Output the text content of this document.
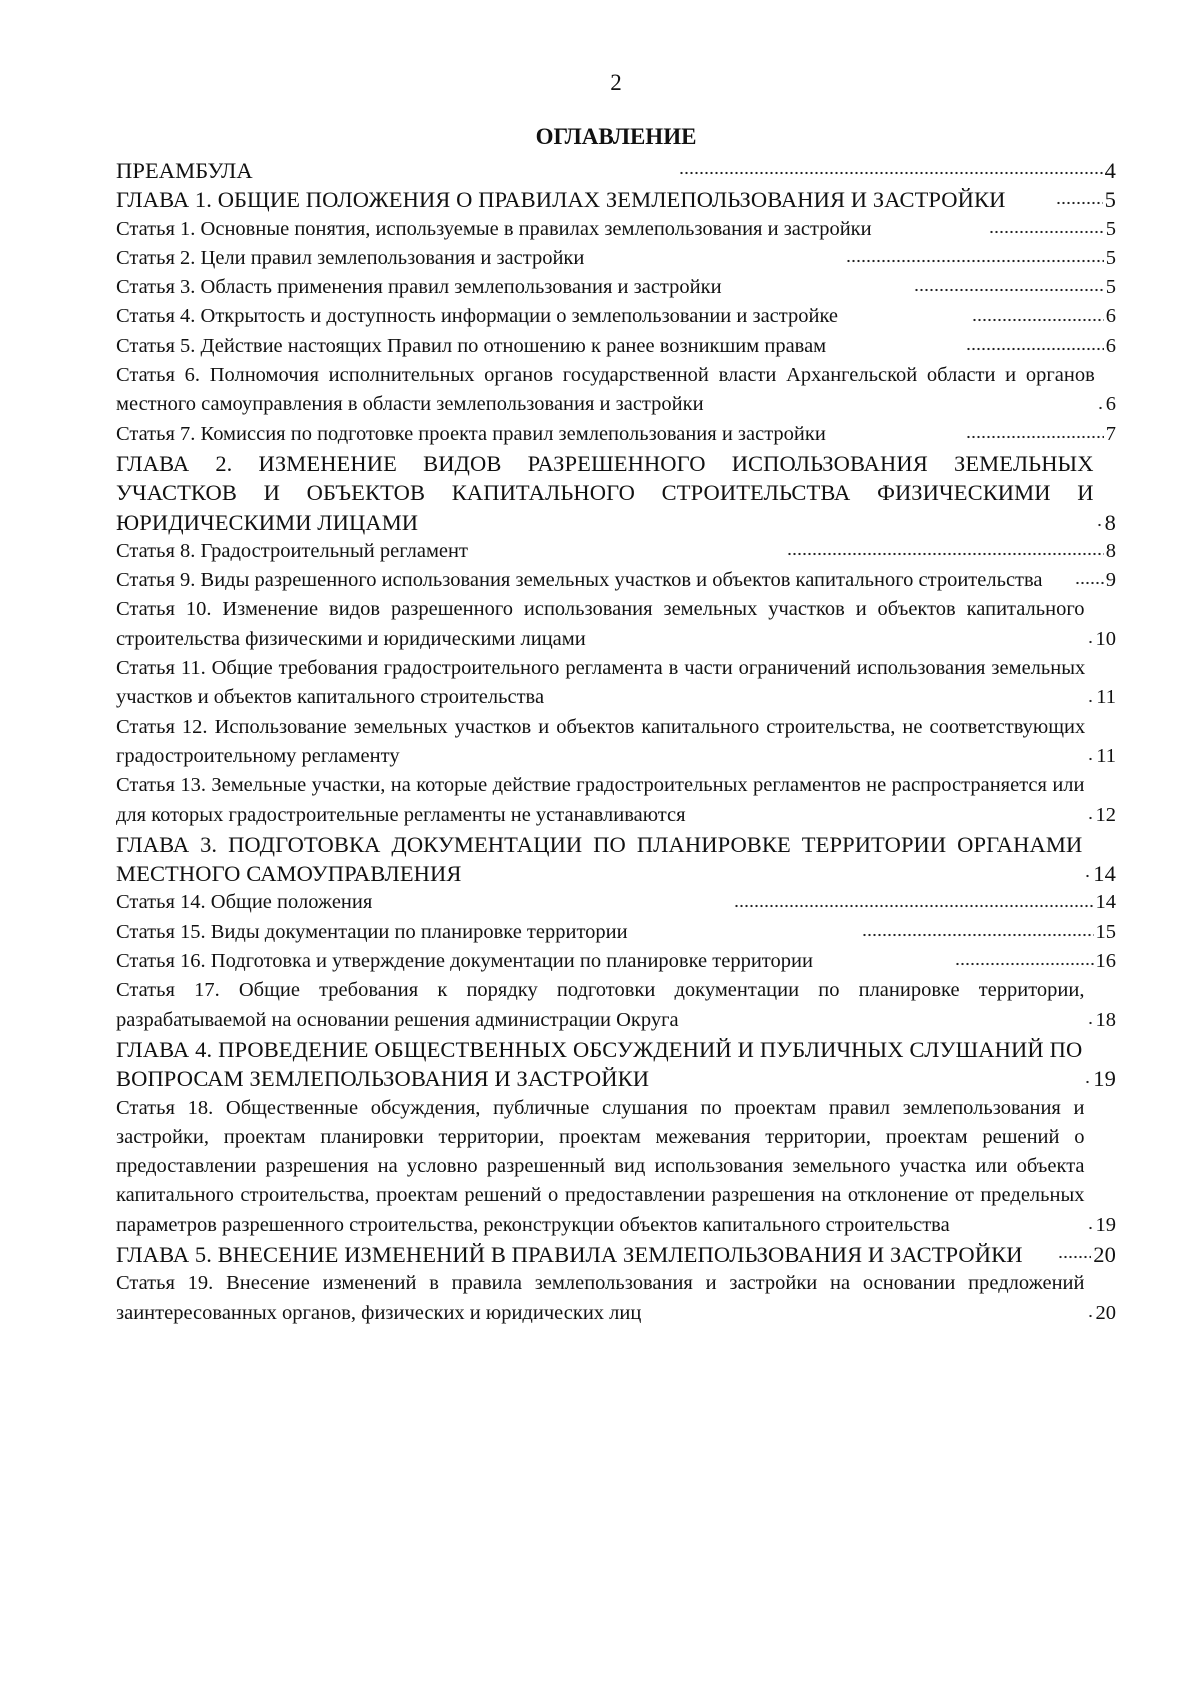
2
ОГЛАВЛЕНИЕ
ПРЕАМБУЛА	4
ГЛАВА 1. ОБЩИЕ ПОЛОЖЕНИЯ О ПРАВИЛАХ ЗЕМЛЕПОЛЬЗОВАНИЯ И ЗАСТРОЙКИ	5
Статья 1. Основные понятия, используемые в правилах землепользования и застройки	5
Статья 2. Цели правил землепользования и застройки	5
Статья 3. Область применения правил землепользования и застройки	5
Статья 4. Открытость и доступность информации о землепользовании и застройке	6
Статья 5. Действие настоящих Правил по отношению к ранее возникшим правам	6
Статья 6. Полномочия исполнительных органов государственной власти Архангельской области и органов местного самоуправления в области землепользования и застройки	6
Статья 7. Комиссия по подготовке проекта правил землепользования и застройки	7
ГЛАВА 2. ИЗМЕНЕНИЕ ВИДОВ РАЗРЕШЕННОГО ИСПОЛЬЗОВАНИЯ ЗЕМЕЛЬНЫХ УЧАСТКОВ И ОБЪЕКТОВ КАПИТАЛЬНОГО СТРОИТЕЛЬСТВА ФИЗИЧЕСКИМИ И ЮРИДИЧЕСКИМИ ЛИЦАМИ	8
Статья 8. Градостроительный регламент	8
Статья 9. Виды разрешенного использования земельных участков и объектов капитального строительства	9
Статья 10. Изменение видов разрешенного использования земельных участков и объектов капитального строительства физическими и юридическими лицами	10
Статья 11. Общие требования градостроительного регламента в части ограничений использования земельных участков и объектов капитального строительства	11
Статья 12. Использование земельных участков и объектов капитального строительства, не соответствующих градостроительному регламенту	11
Статья 13. Земельные участки, на которые действие градостроительных регламентов не распространяется или для которых градостроительные регламенты не устанавливаются	12
ГЛАВА 3. ПОДГОТОВКА ДОКУМЕНТАЦИИ ПО ПЛАНИРОВКЕ ТЕРРИТОРИИ ОРГАНАМИ МЕСТНОГО САМОУПРАВЛЕНИЯ	14
Статья 14. Общие положения	14
Статья 15. Виды документации по планировке территории	15
Статья 16. Подготовка и утверждение документации по планировке территории	16
Статья 17. Общие требования к порядку подготовки документации по планировке территории, разрабатываемой на основании решения администрации Округа	18
ГЛАВА 4. ПРОВЕДЕНИЕ ОБЩЕСТВЕННЫХ ОБСУЖДЕНИЙ И ПУБЛИЧНЫХ СЛУШАНИЙ ПО ВОПРОСАМ ЗЕМЛЕПОЛЬЗОВАНИЯ И ЗАСТРОЙКИ	19
Статья 18. Общественные обсуждения, публичные слушания по проектам правил землепользования и застройки, проектам планировки территории, проектам межевания территории, проектам решений о предоставлении разрешения на условно разрешенный вид использования земельного участка или объекта капитального строительства, проектам решений о предоставлении разрешения на отклонение от предельных параметров разрешенного строительства, реконструкции объектов капитального строительства	19
ГЛАВА 5. ВНЕСЕНИЕ ИЗМЕНЕНИЙ В ПРАВИЛА ЗЕМЛЕПОЛЬЗОВАНИЯ И ЗАСТРОЙКИ	20
Статья 19. Внесение изменений в правила землепользования и застройки на основании предложений заинтересованных органов, физических и юридических лиц	20
